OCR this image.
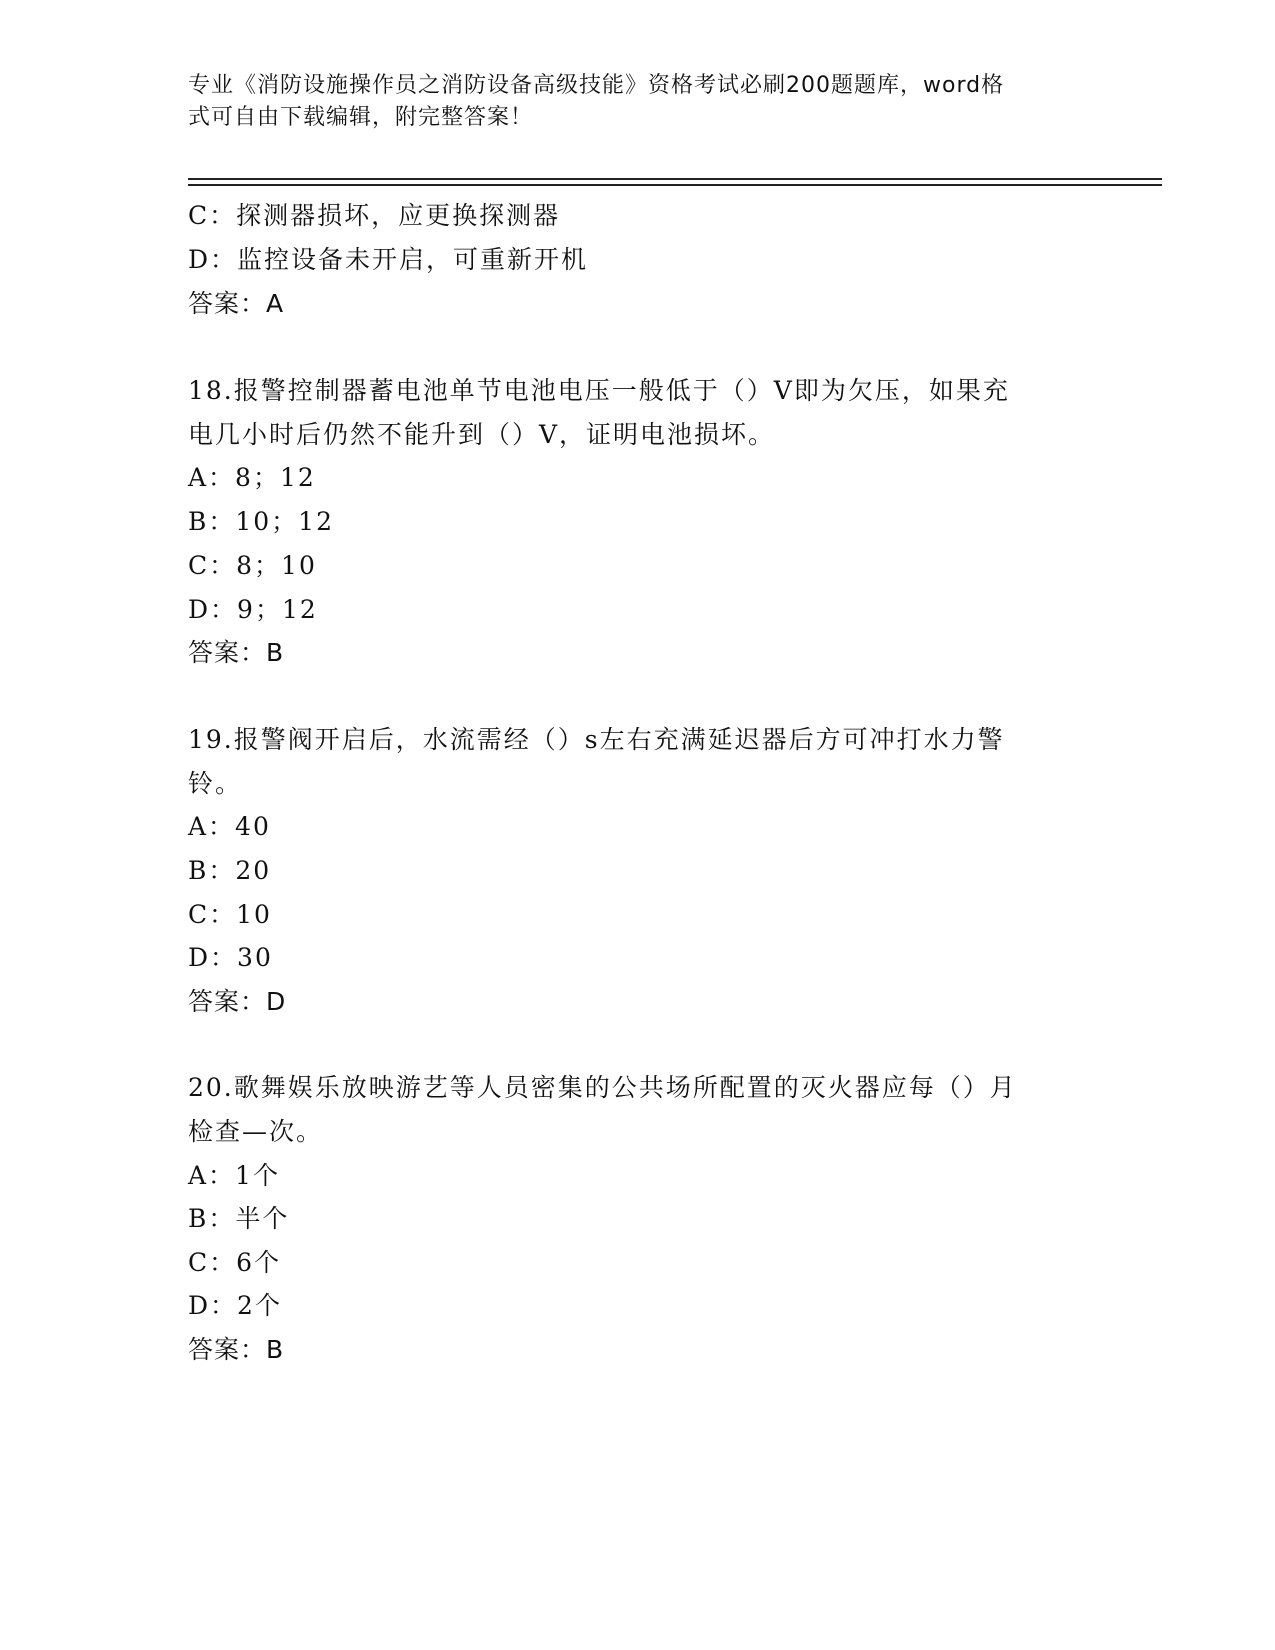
专业《消防设施操作员之消防设备高级技能》资格考试必刷200题题库，word格
式可自由下载编辑，附完整答案！
C：探测器损坏，应更换探测器
D：监控设备未开启，可重新开机
答案：A
18.报警控制器蓄电池单节电池电压一般低于（）V即为欠压，如果充
电几小时后仍然不能升到（）V，证明电池损坏。
A：8；12
B：10；12
C：8；10
D：9；12
答案：B
19.报警阀开启后，水流需经（）s左右充满延迟器后方可冲打水力警
铃。
A：40
B：20
C：10
D：30
答案：D
20.歌舞娱乐放映游艺等人员密集的公共场所配置的灭火器应每（）月
检查—次。
A：1个
B：半个
C：6个
D：2个
答案：B
